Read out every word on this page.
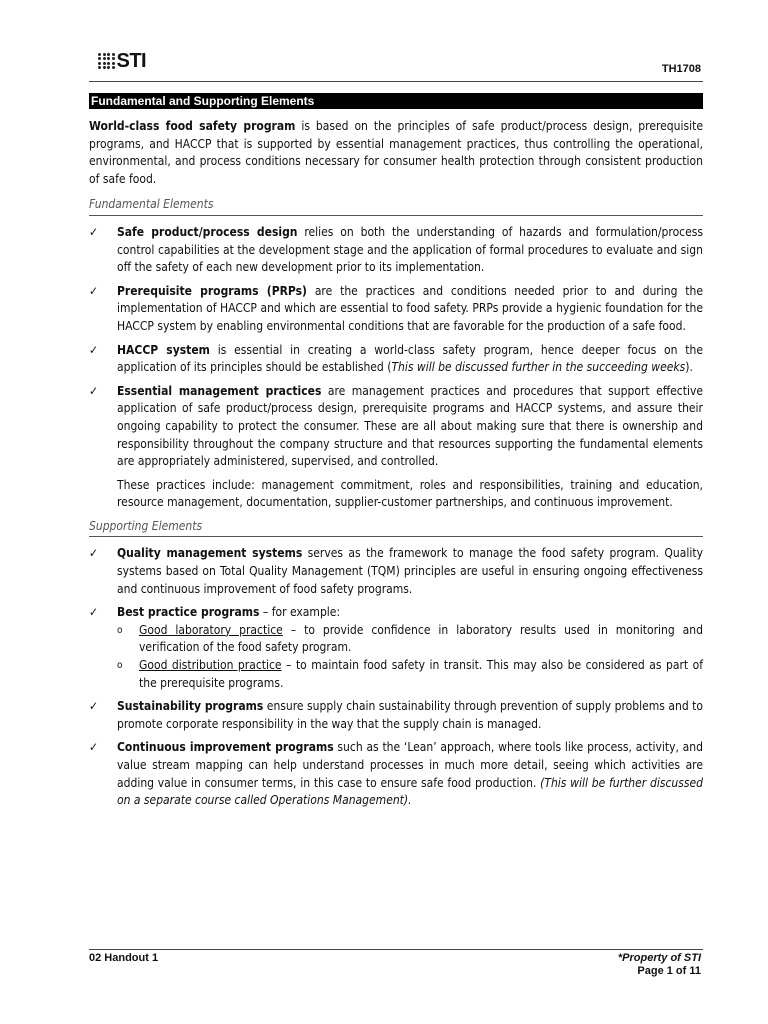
STI	TH1708
Fundamental and Supporting Elements

World-class food safety program is based on the principles of safe product/process design, prerequisite programs, and HACCP that is supported by essential management practices, thus controlling the operational, environmental, and process conditions necessary for consumer health protection through consistent production of safe food.

Fundamental Elements
✓	Safe product/process design relies on both the understanding of hazards and formulation/process control capabilities at the development stage and the application of formal procedures to evaluate and sign off the safety of each new development prior to its implementation.

✓	Prerequisite programs (PRPs) are the practices and conditions needed prior to and during the implementation of HACCP and which are essential to food safety. PRPs provide a hygienic foundation for the HACCP system by enabling environmental conditions that are favorable for the production of a safe food.

✓	HACCP system is essential in creating a world-class safety program, hence deeper focus on the application of its principles should be established (This will be discussed further in the succeeding weeks).

✓	Essential management practices are management practices and procedures that support effective application of safe product/process design, prerequisite programs and HACCP systems, and assure their ongoing capability to protect the consumer. These are all about making sure that there is ownership and responsibility throughout the company structure and that resources supporting the fundamental elements are appropriately administered, supervised, and controlled.

These practices include: management commitment, roles and responsibilities, training and education, resource management, documentation, supplier-customer partnerships, and continuous improvement.

Supporting Elements
✓	Quality management systems serves as the framework to manage the food safety program. Quality systems based on Total Quality Management (TQM) principles are useful in ensuring ongoing effectiveness and continuous improvement of food safety programs.

✓	Best practice programs – for example:

o	Good laboratory practice – to provide confidence in laboratory results used in monitoring and verification of the food safety program.
o	Good distribution practice – to maintain food safety in transit. This may also be considered as part of the prerequisite programs.
✓	Sustainability programs ensure supply chain sustainability through prevention of supply problems and to promote corporate responsibility in the way that the supply chain is managed.

✓	Continuous improvement programs such as the ‘Lean’ approach, where tools like process, activity, and value stream mapping can help understand processes in much more detail, seeing which activities are adding value in consumer terms, in this case to ensure safe food production. (This will be further discussed on a separate course called Operations Management).

02 Handout 1	*Property of STI
Page 1 of 11
